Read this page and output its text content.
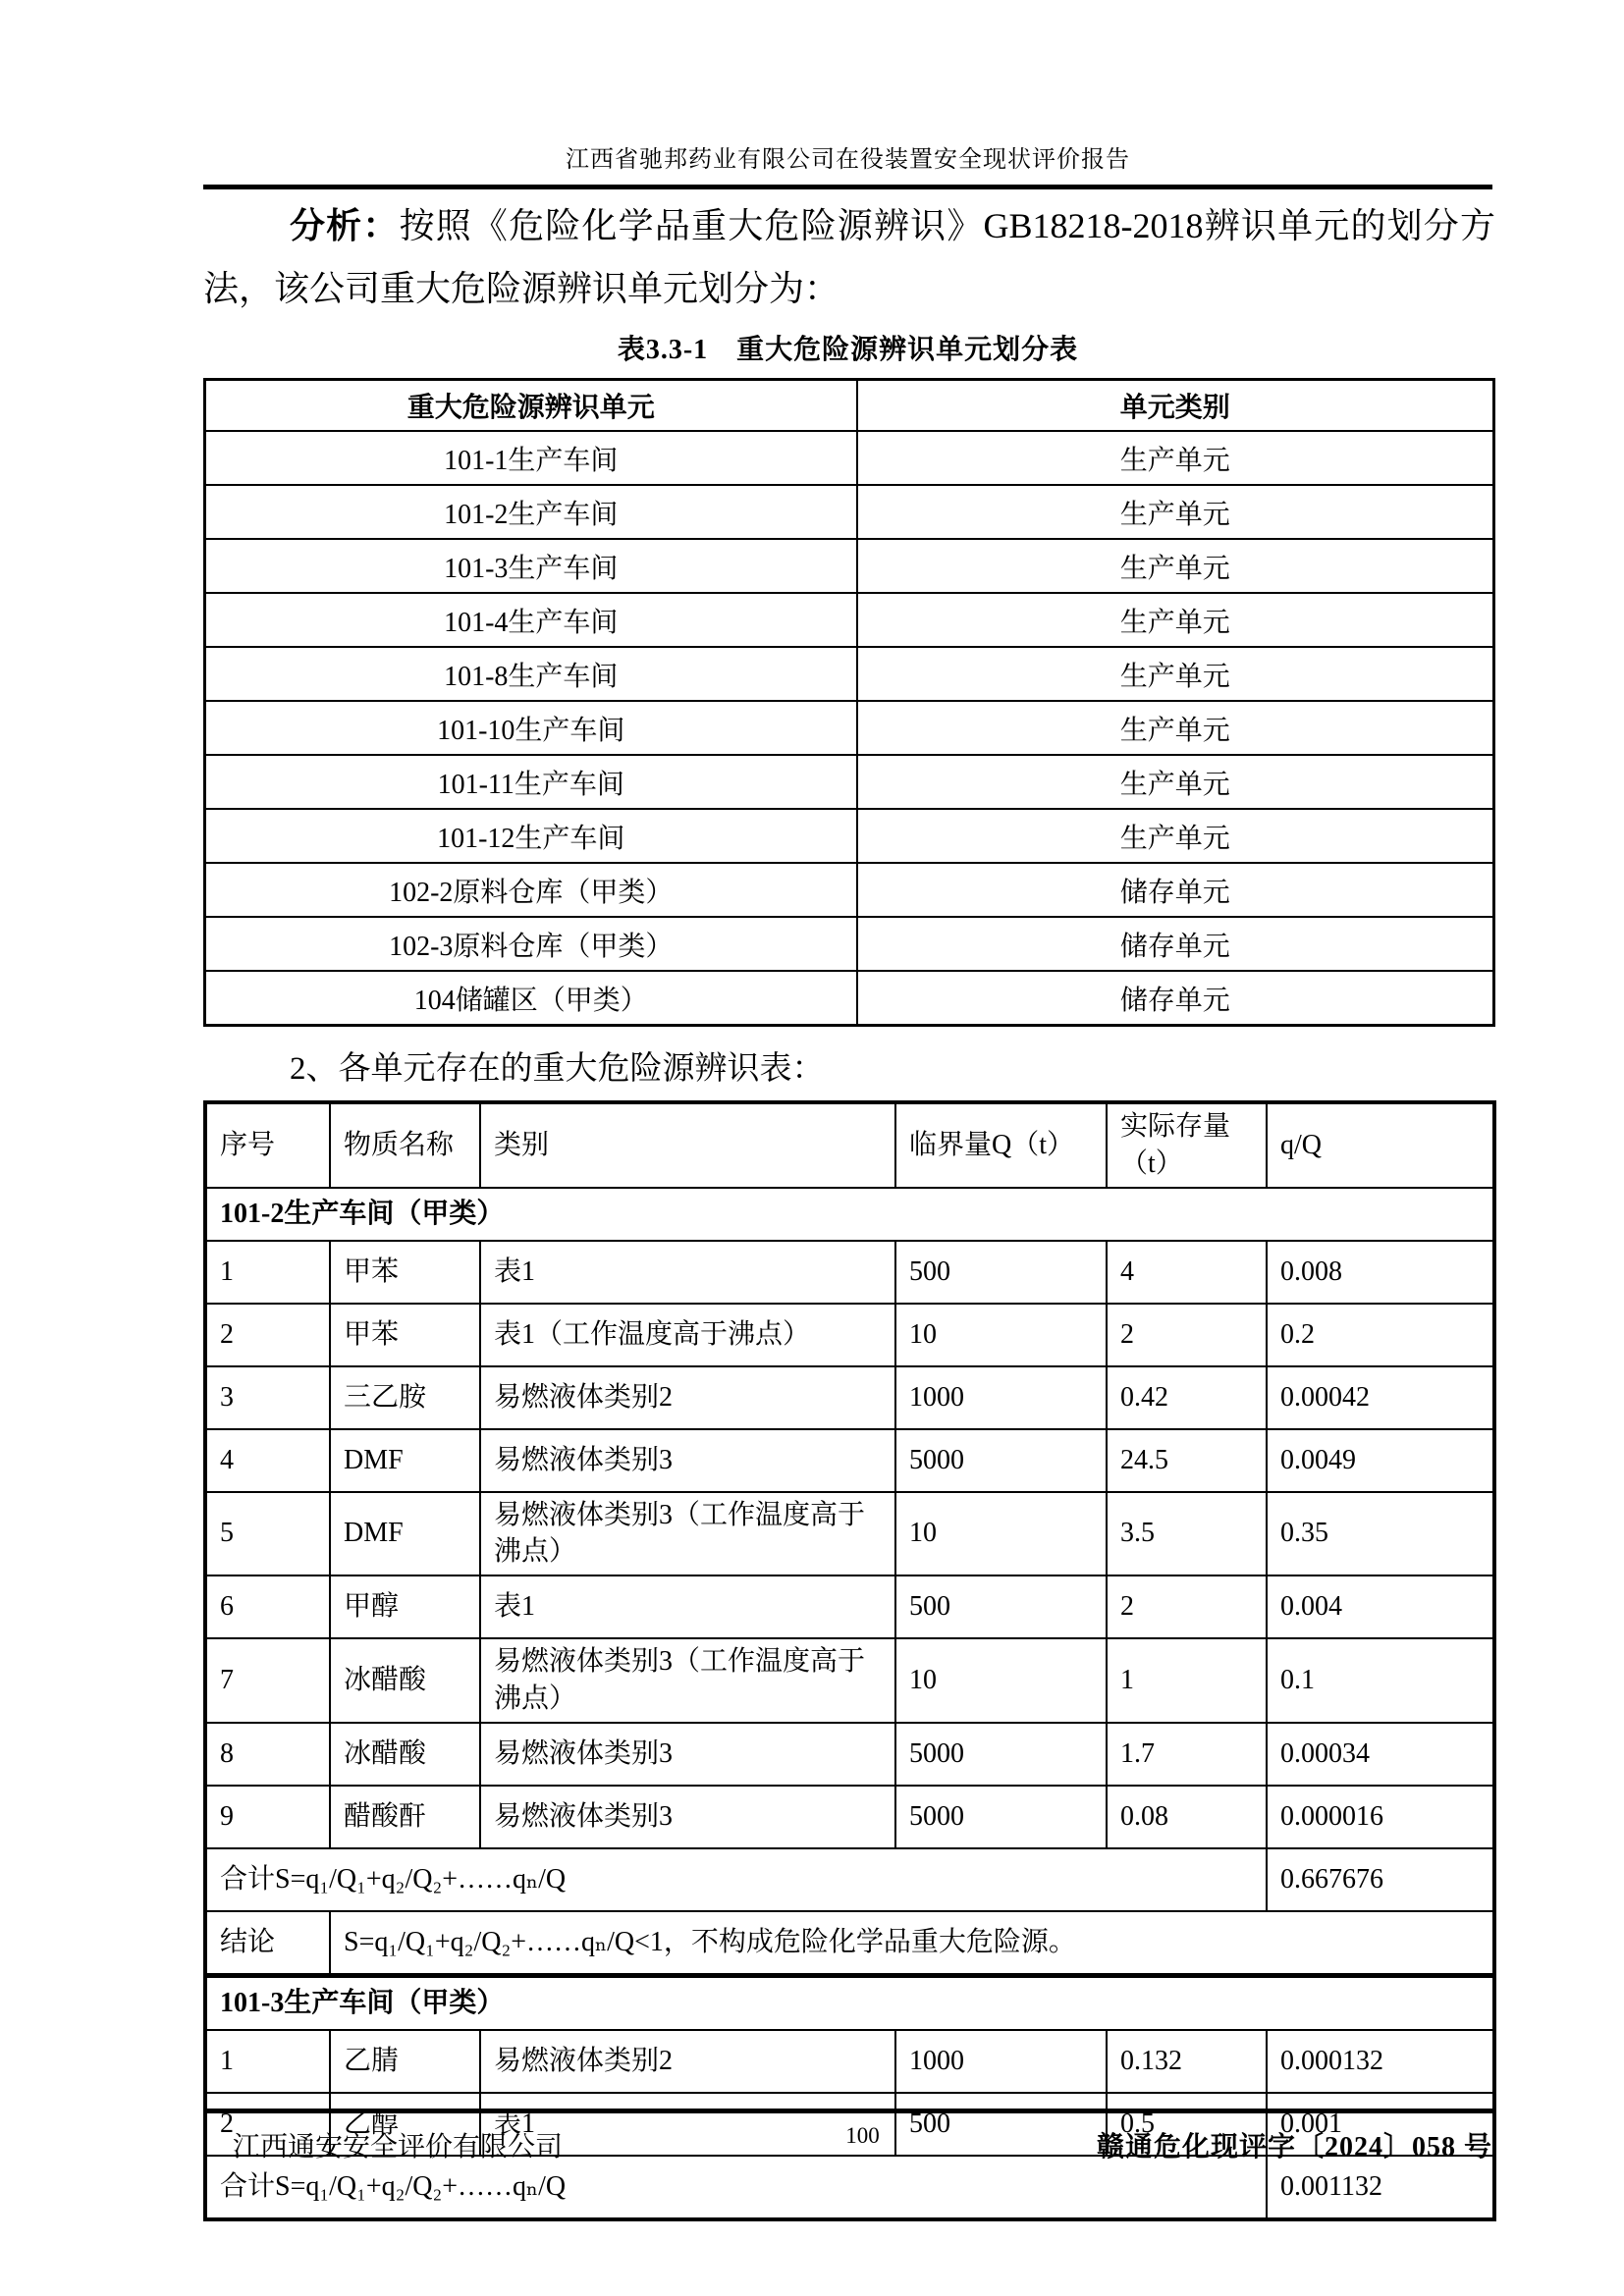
江西省驰邦药业有限公司在役装置安全现状评价报告
分析：按照《危险化学品重大危险源辨识》GB18218-2018辨识单元的划分方法，该公司重大危险源辨识单元划分为：
表3.3-1　重大危险源辨识单元划分表
重大危险源辨识单元	单元类别
101-1生产车间	生产单元
101-2生产车间	生产单元
101-3生产车间	生产单元
101-4生产车间	生产单元
101-8生产车间	生产单元
101-10生产车间	生产单元
101-11生产车间	生产单元
101-12生产车间	生产单元
102-2原料仓库（甲类）	储存单元
102-3原料仓库（甲类）	储存单元
104储罐区（甲类）	储存单元
2、各单元存在的重大危险源辨识表：
序号	物质名称	类别	临界量Q（t）	实际存量（t）	q/Q
101-2生产车间（甲类）					
1	甲苯	表1	500	4	0.008
2	甲苯	表1（工作温度高于沸点）	10	2	0.2
3	三乙胺	易燃液体类别2	1000	0.42	0.00042
4	DMF	易燃液体类别3	5000	24.5	0.0049
5	DMF	易燃液体类别3（工作温度高于沸点）	10	3.5	0.35
6	甲醇	表1	500	2	0.004
7	冰醋酸	易燃液体类别3（工作温度高于沸点）	10	1	0.1
8	冰醋酸	易燃液体类别3	5000	1.7	0.00034
9	醋酸酐	易燃液体类别3	5000	0.08	0.000016
合计S=q₁/Q₁+q₂/Q₂+……qₙ/Q					0.667676
结论	S=q₁/Q₁+q₂/Q₂+……qₙ/Q<1，不构成危险化学品重大危险源。				
101-3生产车间（甲类）					
1	乙腈	易燃液体类别2	1000	0.132	0.000132
2	乙醇	表1	500	0.5	0.001
合计S=q₁/Q₁+q₂/Q₂+……qₙ/Q					0.001132
江西通安安全评价有限公司	100	赣通危化现评字〔2024〕058 号
